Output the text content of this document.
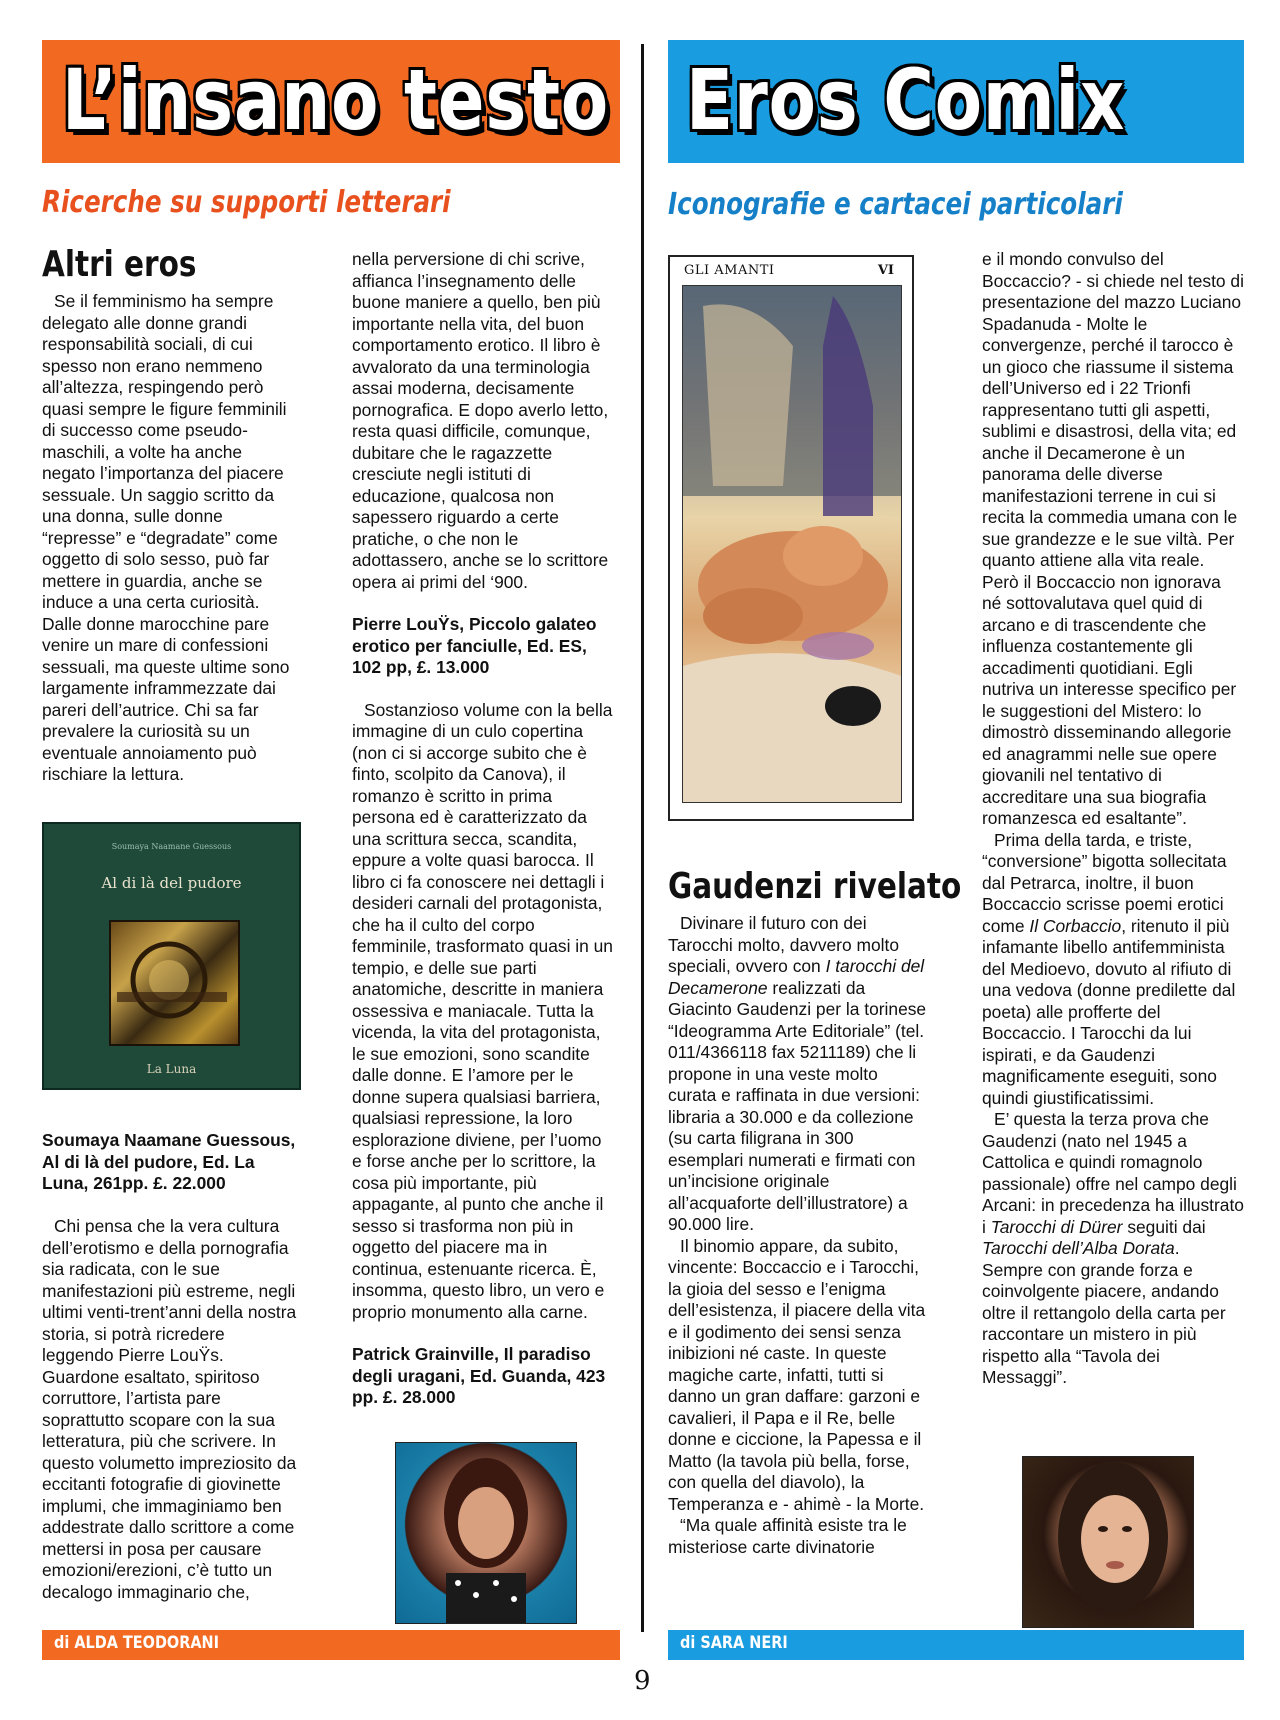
L’insano testo Eros Comix
Ricerche su supporti letterari	Iconografie e cartacei particolari
Altri eros

Se il femminismo ha sempre delegato alle donne grandi responsabilità sociali, di cui spesso non erano nemmeno all’altezza, respingendo però quasi sempre le figure femminili di successo come pseudo-maschili, a volte ha anche negato l’importanza del piacere sessuale. Un saggio scritto da una donna, sulle donne “represse” e “degradate” come oggetto di solo sesso, può far mettere in guardia, anche se induce a una certa curiosità. Dalle donne marocchine pare venire un mare di confessioni sessuali, ma queste ultime sono largamente inframmezzate dai pareri dell’autrice. Chi sa far prevalere la curiosità su un eventuale annoiamento può rischiare la lettura.

Soumaya Naamane Guessous
Al di là del pudore
La Luna

Soumaya Naamane Guessous, Al di là del pudore, Ed. La Luna, 261pp. £. 22.000

Chi pensa che la vera cultura dell’erotismo e della pornografia sia radicata, con le sue manifestazioni più estreme, negli ultimi venti-trent’anni della nostra storia, si potrà ricredere leggendo Pierre LouŸs. Guardone esaltato, spiritoso corruttore, l’artista pare soprattutto scopare con la sua letteratura, più che scrivere. In questo volumetto impreziosito da eccitanti fotografie di giovinette implumi, che immaginiamo ben addestrate dallo scrittore a come mettersi in posa per causare emozioni/erezioni, c’è tutto un decalogo immaginario che,

nella perversione di chi scrive, affianca l’insegnamento delle buone maniere a quello, ben più importante nella vita, del buon comportamento erotico. Il libro è avvalorato da una terminologia assai moderna, decisamente pornografica. E dopo averlo letto, resta quasi difficile, comunque, dubitare che le ragazzette cresciute negli istituti di educazione, qualcosa non sapessero riguardo a certe pratiche, o che non le adottassero, anche se lo scrittore opera ai primi del ‘900.

Pierre LouŸs, Piccolo galateo erotico per fanciulle, Ed. ES, 102 pp, £. 13.000

Sostanzioso volume con la bella immagine di un culo copertina (non ci si accorge subito che è finto, scolpito da Canova), il romanzo è scritto in prima persona ed è caratterizzato da una scrittura secca, scandita, eppure a volte quasi barocca. Il libro ci fa conoscere nei dettagli i desideri carnali del protagonista, che ha il culto del corpo femminile, trasformato quasi in un tempio, e delle sue parti anatomiche, descritte in maniera ossessiva e maniacale. Tutta la vicenda, la vita del protagonista, le sue emozioni, sono scandite dalle donne. E l’amore per le donne supera qualsiasi barriera, qualsiasi repressione, la loro esplorazione diviene, per l’uomo e forse anche per lo scrittore, la cosa più importante, più appagante, al punto che anche il sesso si trasforma non più in oggetto del piacere ma in continua, estenuante ricerca. È, insomma, questo libro, un vero e proprio monumento alla carne.

Patrick Grainville, Il paradiso degli uragani, Ed. Guanda, 423 pp. £. 28.000

GLI AMANTI	VI
Gaudenzi rivelato

Divinare il futuro con dei Tarocchi molto, davvero molto speciali, ovvero con I tarocchi del Decamerone realizzati da Giacinto Gaudenzi per la torinese “Ideogramma Arte Editoriale” (tel. 011/4366118 fax 5211189) che li propone in una veste molto curata e raffinata in due versioni: libraria a 30.000 e da collezione (su carta filigrana in 300 esemplari numerati e firmati con un’incisione originale all’acquaforte dell’illustratore) a 90.000 lire.

Il binomio appare, da subito, vincente: Boccaccio e i Tarocchi, la gioia del sesso e l’enigma dell’esistenza, il piacere della vita e il godimento dei sensi senza inibizioni né caste. In queste magiche carte, infatti, tutti si danno un gran daffare: garzoni e cavalieri, il Papa e il Re, belle donne e ciccione, la Papessa e il Matto (la tavola più bella, forse, con quella del diavolo), la Temperanza e - ahimè - la Morte.

“Ma quale affinità esiste tra le misteriose carte divinatorie

e il mondo convulso del Boccaccio? - si chiede nel testo di presentazione del mazzo Luciano Spadanuda - Molte le convergenze, perché il tarocco è un gioco che riassume il sistema dell’Universo ed i 22 Trionfi rappresentano tutti gli aspetti, sublimi e disastrosi, della vita; ed anche il Decamerone è un panorama delle diverse manifestazioni terrene in cui si recita la commedia umana con le sue grandezze e le sue viltà. Per quanto attiene alla vita reale. Però il Boccaccio non ignorava né sottovalutava quel quid di arcano e di trascendente che influenza costantemente gli accadimenti quotidiani. Egli nutriva un interesse specifico per le suggestioni del Mistero: lo dimostrò disseminando allegorie ed anagrammi nelle sue opere giovanili nel tentativo di accreditare una sua biografia romanzesca ed esaltante”.

Prima della tarda, e triste, “conversione” bigotta sollecitata dal Petrarca, inoltre, il buon Boccaccio scrisse poemi erotici come Il Corbaccio, ritenuto il più infamante libello antifemminista del Medioevo, dovuto al rifiuto di una vedova (donne predilette dal poeta) alle profferte del Boccaccio. I Tarocchi da lui ispirati, e da Gaudenzi magnificamente eseguiti, sono quindi giustificatissimi.

E’ questa la terza prova che Gaudenzi (nato nel 1945 a Cattolica e quindi romagnolo passionale) offre nel campo degli Arcani: in precedenza ha illustrato i Tarocchi di Dürer seguiti dai Tarocchi dell’Alba Dorata. Sempre con grande forza e coinvolgente piacere, andando oltre il rettangolo della carta per raccontare un mistero in più rispetto alla “Tavola dei Messaggi”.

di ALDA TEODORANI	di SARA NERI
9
